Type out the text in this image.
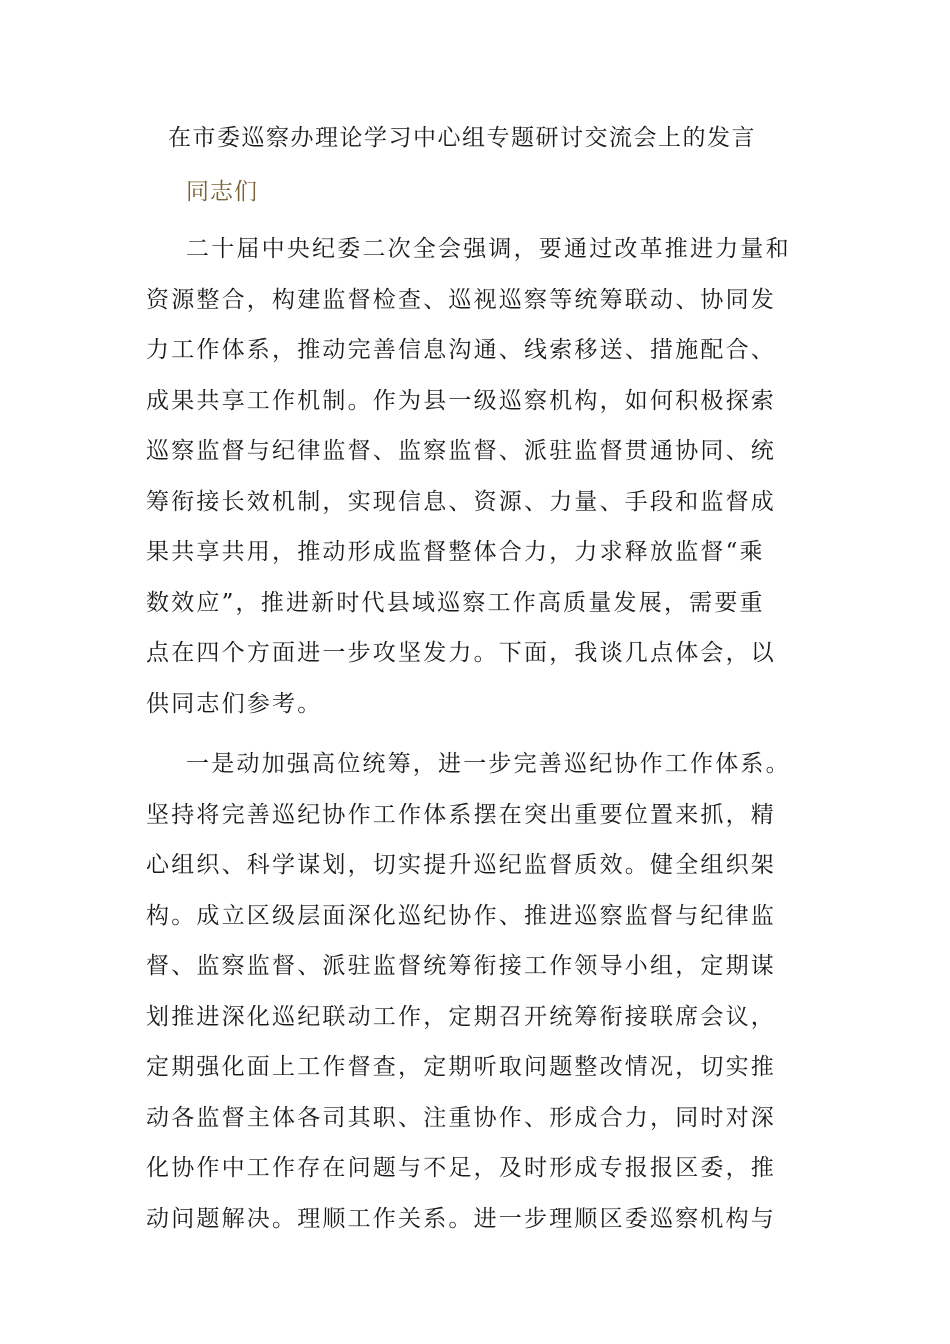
在市委巡察办理论学习中心组专题研讨交流会上的发言
同志们
二十届中央纪委二次全会强调，要通过改革推进力量和
资源整合，构建监督检查、巡视巡察等统筹联动、协同发
力工作体系，推动完善信息沟通、线索移送、措施配合、
成果共享工作机制。作为县一级巡察机构，如何积极探索
巡察监督与纪律监督、监察监督、派驻监督贯通协同、统
筹衔接长效机制，实现信息、资源、力量、手段和监督成
果共享共用，推动形成监督整体合力，力求释放监督“乘
数效应”，推进新时代县域巡察工作高质量发展，需要重
点在四个方面进一步攻坚发力。下面，我谈几点体会，以
供同志们参考。
一是动加强高位统筹，进一步完善巡纪协作工作体系。
坚持将完善巡纪协作工作体系摆在突出重要位置来抓，精
心组织、科学谋划，切实提升巡纪监督质效。健全组织架
构。成立区级层面深化巡纪协作、推进巡察监督与纪律监
督、监察监督、派驻监督统筹衔接工作领导小组，定期谋
划推进深化巡纪联动工作，定期召开统筹衔接联席会议，
定期强化面上工作督查，定期听取问题整改情况，切实推
动各监督主体各司其职、注重协作、形成合力，同时对深
化协作中工作存在问题与不足，及时形成专报报区委，推
动问题解决。理顺工作关系。进一步理顺区委巡察机构与
